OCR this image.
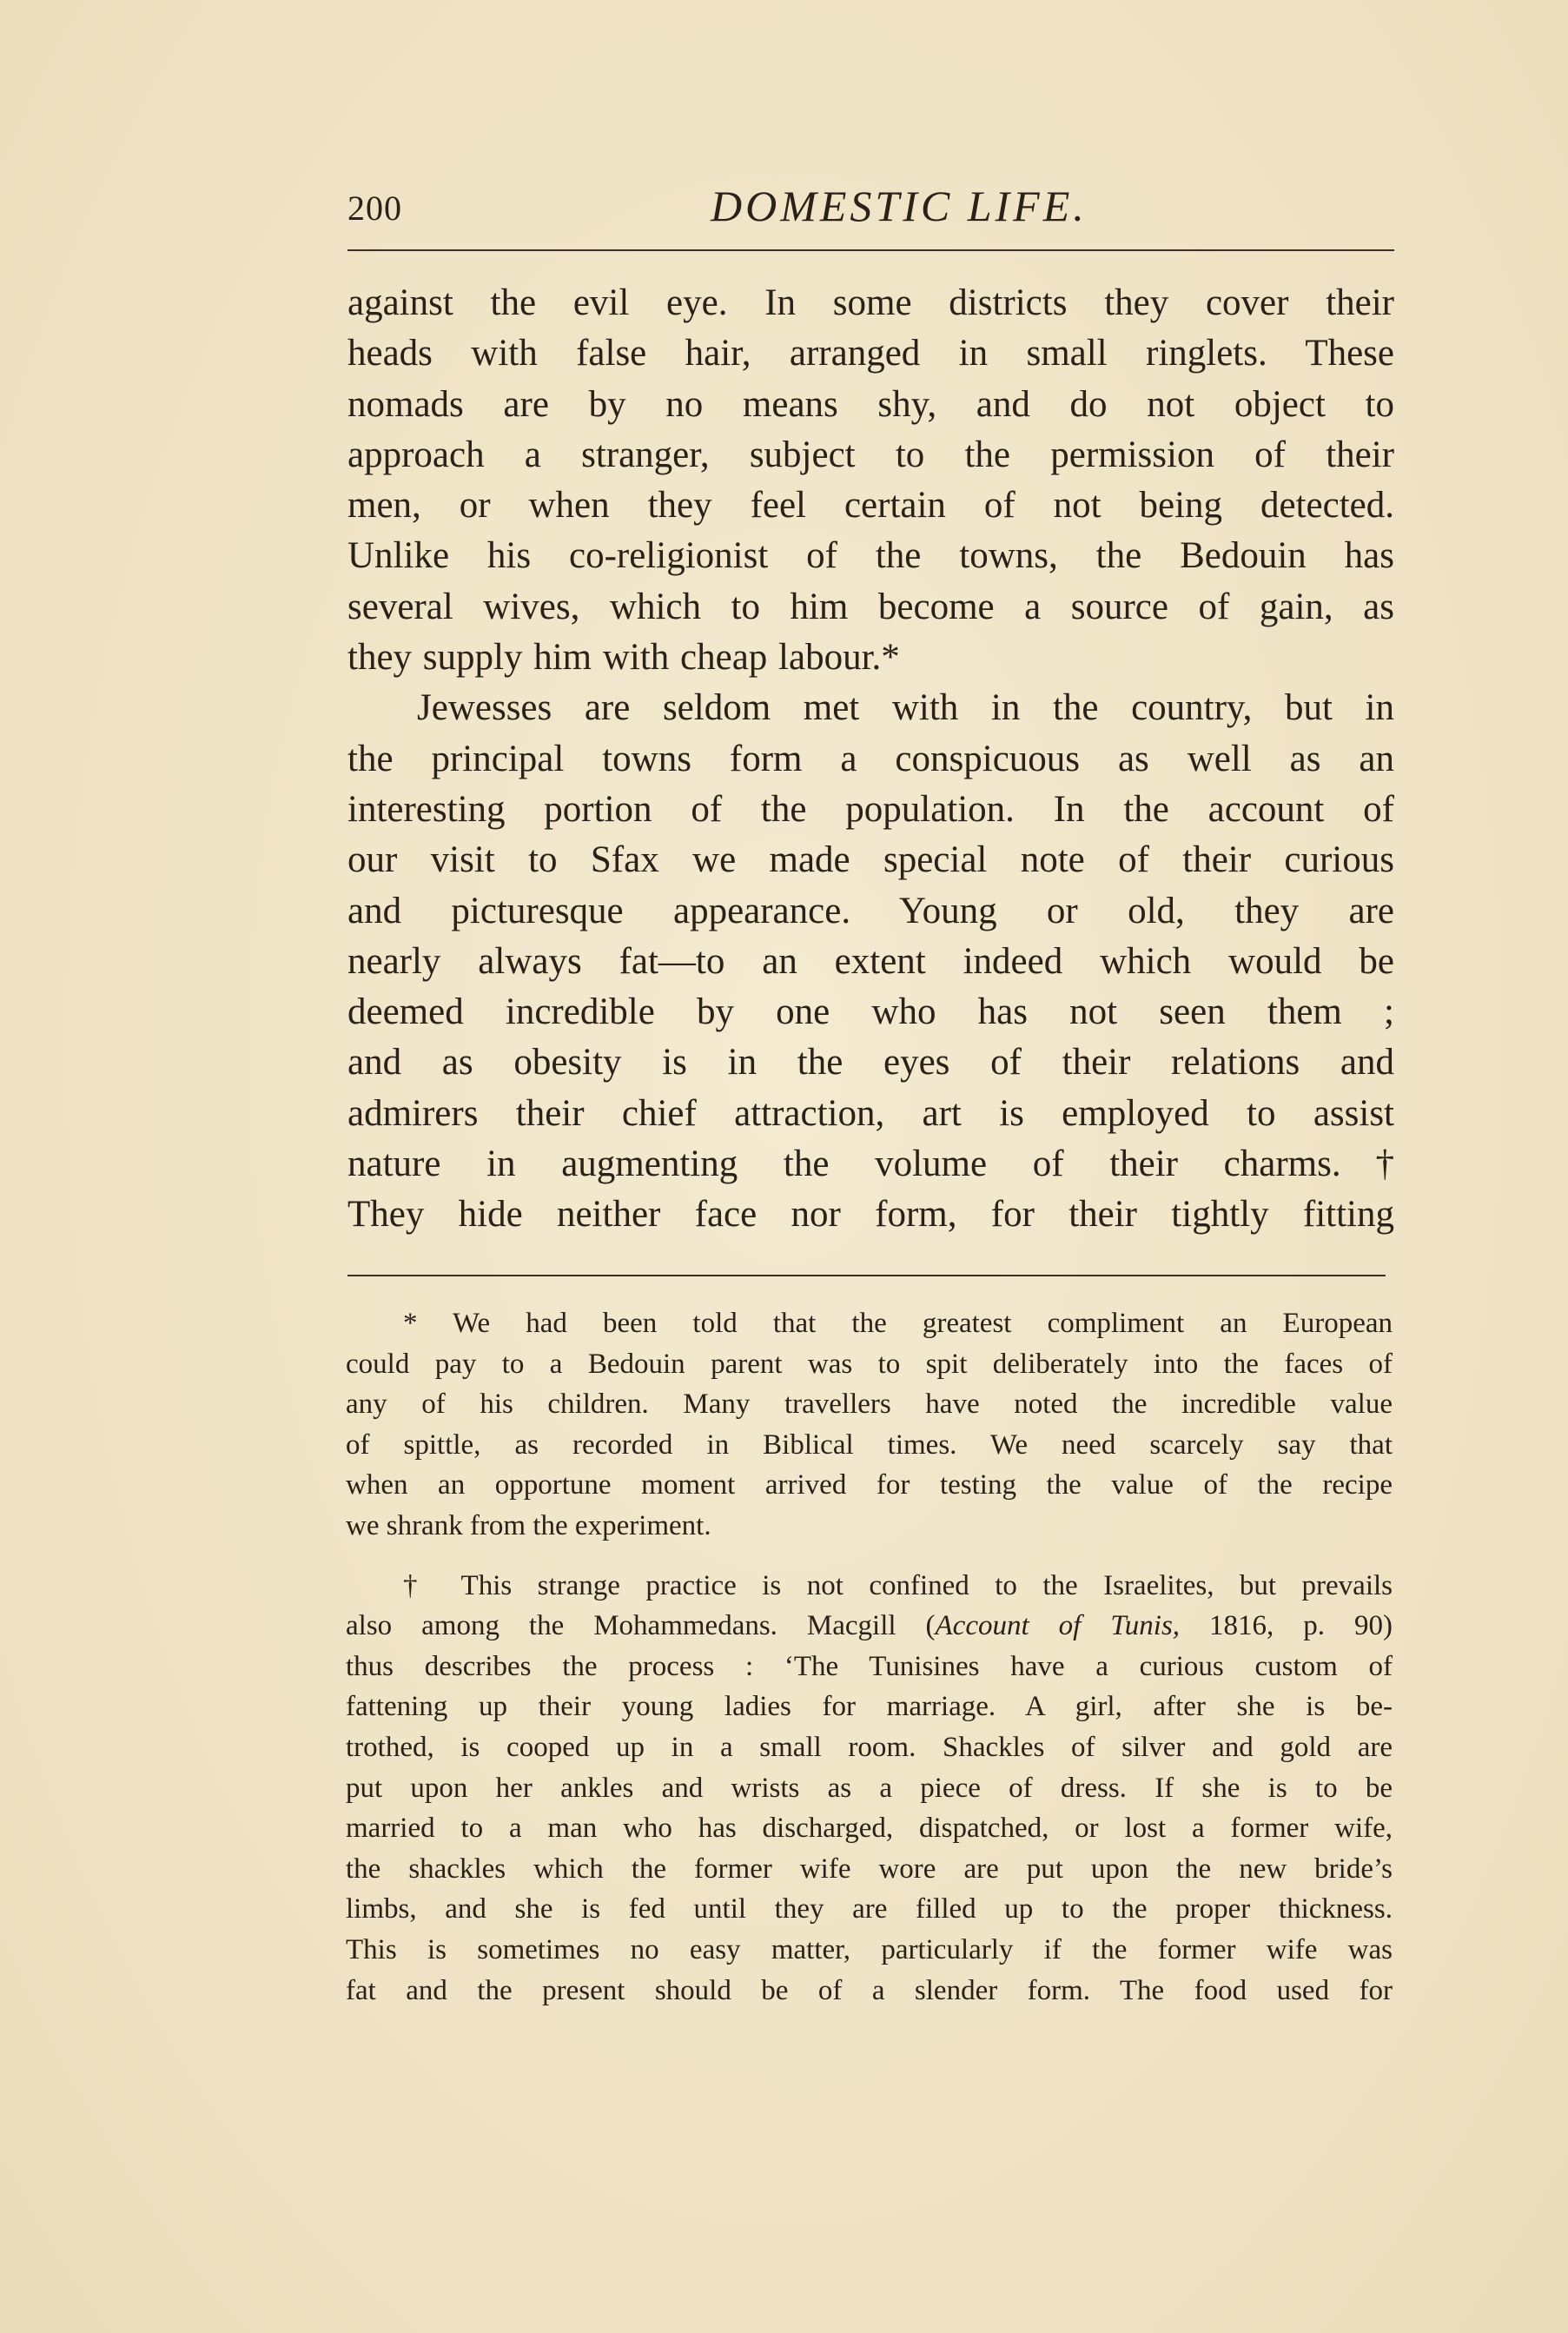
200	DOMESTIC LIFE.
against the evil eye. In some districts they cover their
heads with false hair, arranged in small ringlets. These
nomads are by no means shy, and do not object to
approach a stranger, subject to the permission of their
men, or when they feel certain of not being detected.
Unlike his co-religionist of the towns, the Bedouin has
several wives, which to him become a source of gain, as
they supply him with cheap labour.*
Jewesses are seldom met with in the country, but in
the principal towns form a conspicuous as well as an
interesting portion of the population. In the account of
our visit to Sfax we made special note of their curious
and picturesque appearance. Young or old, they are
nearly always fat—to an extent indeed which would be
deemed incredible by one who has not seen them ;
and as obesity is in the eyes of their relations and
admirers their chief attraction, art is employed to assist
nature in augmenting the volume of their charms.†
They hide neither face nor form, for their tightly fitting
* We had been told that the greatest compliment an European
could pay to a Bedouin parent was to spit deliberately into the faces of
any of his children. Many travellers have noted the incredible value
of spittle, as recorded in Biblical times. We need scarcely say that
when an opportune moment arrived for testing the value of the recipe
we shrank from the experiment.
† This strange practice is not confined to the Israelites, but prevails
also among the Mohammedans. Macgill (Account of Tunis, 1816, p. 90)
thus describes the process : ‘The Tunisines have a curious custom of
fattening up their young ladies for marriage. A girl, after she is be-
trothed, is cooped up in a small room. Shackles of silver and gold are
put upon her ankles and wrists as a piece of dress. If she is to be
married to a man who has discharged, dispatched, or lost a former wife,
the shackles which the former wife wore are put upon the new bride’s
limbs, and she is fed until they are filled up to the proper thickness.
This is sometimes no easy matter, particularly if the former wife was
fat and the present should be of a slender form. The food used for
